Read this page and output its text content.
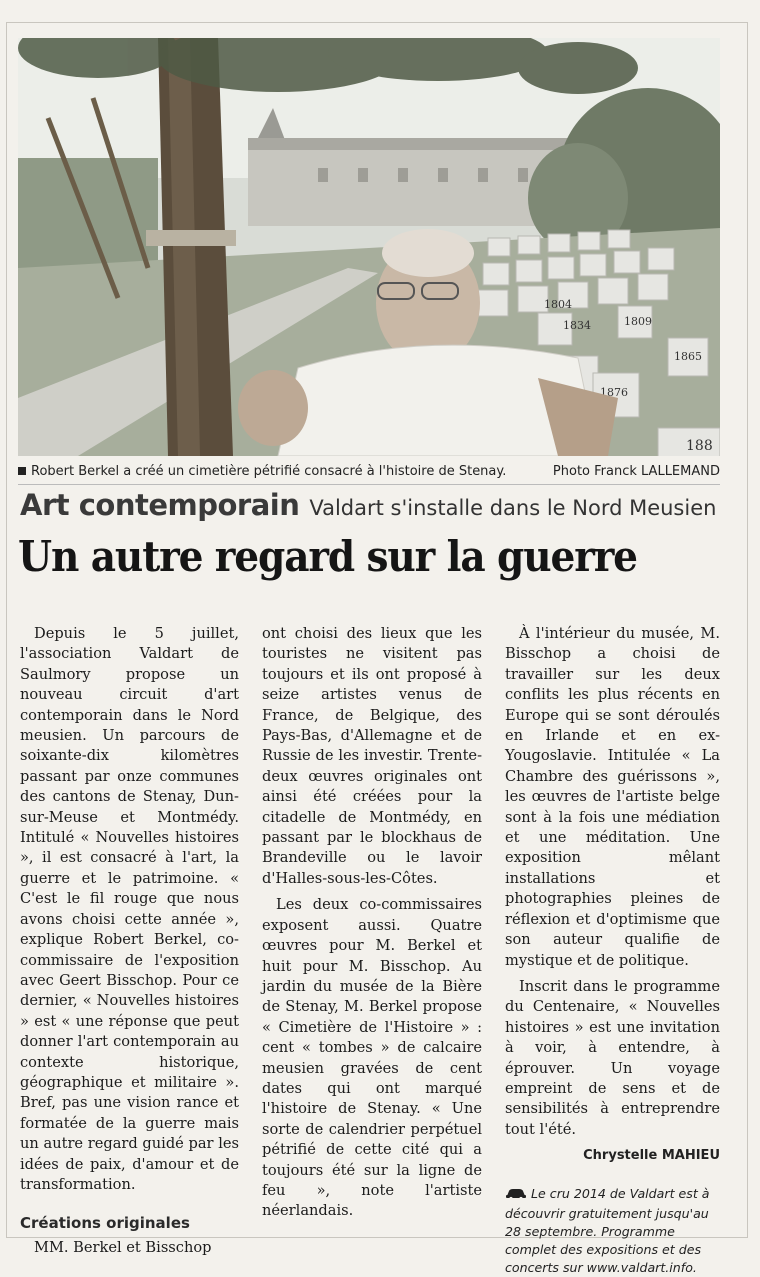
1804
1834	1809
1865
1876
188
Robert Berkel a créé un cimetière pétrifié consacré à l'histoire de Stenay.	Photo Franck LALLEMAND
Art contemporain Valdart s'installe dans le Nord Meusien
Un autre regard sur la guerre

Depuis le 5 juillet, l'association Valdart de Saulmory propose un nouveau circuit d'art contemporain dans le Nord meusien. Un parcours de soixante-dix kilomètres passant par onze communes des cantons de Stenay, Dun-sur-Meuse et Montmédy. Intitulé « Nouvelles histoires », il est consacré à l'art, la guerre et le patrimoine. « C'est le fil rouge que nous avons choisi cette année », explique Robert Berkel, co-commissaire de l'exposition avec Geert Bisschop. Pour ce dernier, « Nouvelles histoires » est « une réponse que peut donner l'art contemporain au contexte historique, géographique et militaire ». Bref, pas une vision rance et formatée de la guerre mais un autre regard guidé par les idées de paix, d'amour et de transformation.

Créations originales

MM. Berkel et Bisschop

ont choisi des lieux que les touristes ne visitent pas toujours et ils ont proposé à seize artistes venus de France, de Belgique, des Pays-Bas, d'Allemagne et de Russie de les investir. Trente-deux œuvres originales ont ainsi été créées pour la citadelle de Montmédy, en passant par le blockhaus de Brandeville ou le lavoir d'Halles-sous-les-Côtes.

Les deux co-commissaires exposent aussi. Quatre œuvres pour M. Berkel et huit pour M. Bisschop. Au jardin du musée de la Bière de Stenay, M. Berkel propose « Cimetière de l'Histoire » : cent « tombes » de calcaire meusien gravées de cent dates qui ont marqué l'histoire de Stenay. « Une sorte de calendrier perpétuel pétrifié de cette cité qui a toujours été sur la ligne de feu », note l'artiste néerlandais.

À l'intérieur du musée, M. Bisschop a choisi de travailler sur les deux conflits les plus récents en Europe qui se sont déroulés en Irlande et en ex-Yougoslavie. Intitulée « La Chambre des guérissons », les œuvres de l'artiste belge sont à la fois une médiation et une méditation. Une exposition mêlant installations et photographies pleines de réflexion et d'optimisme que son auteur qualifie de mystique et de politique.

Inscrit dans le programme du Centenaire, « Nouvelles histoires » est une invitation à voir, à entendre, à éprouver. Un voyage empreint de sens et de sensibilités à entreprendre tout l'été.

Chrystelle MAHIEU
Le cru 2014 de Valdart est à découvrir gratuitement jusqu'au 28 septembre. Programme complet des expositions et des concerts sur www.valdart.info.
